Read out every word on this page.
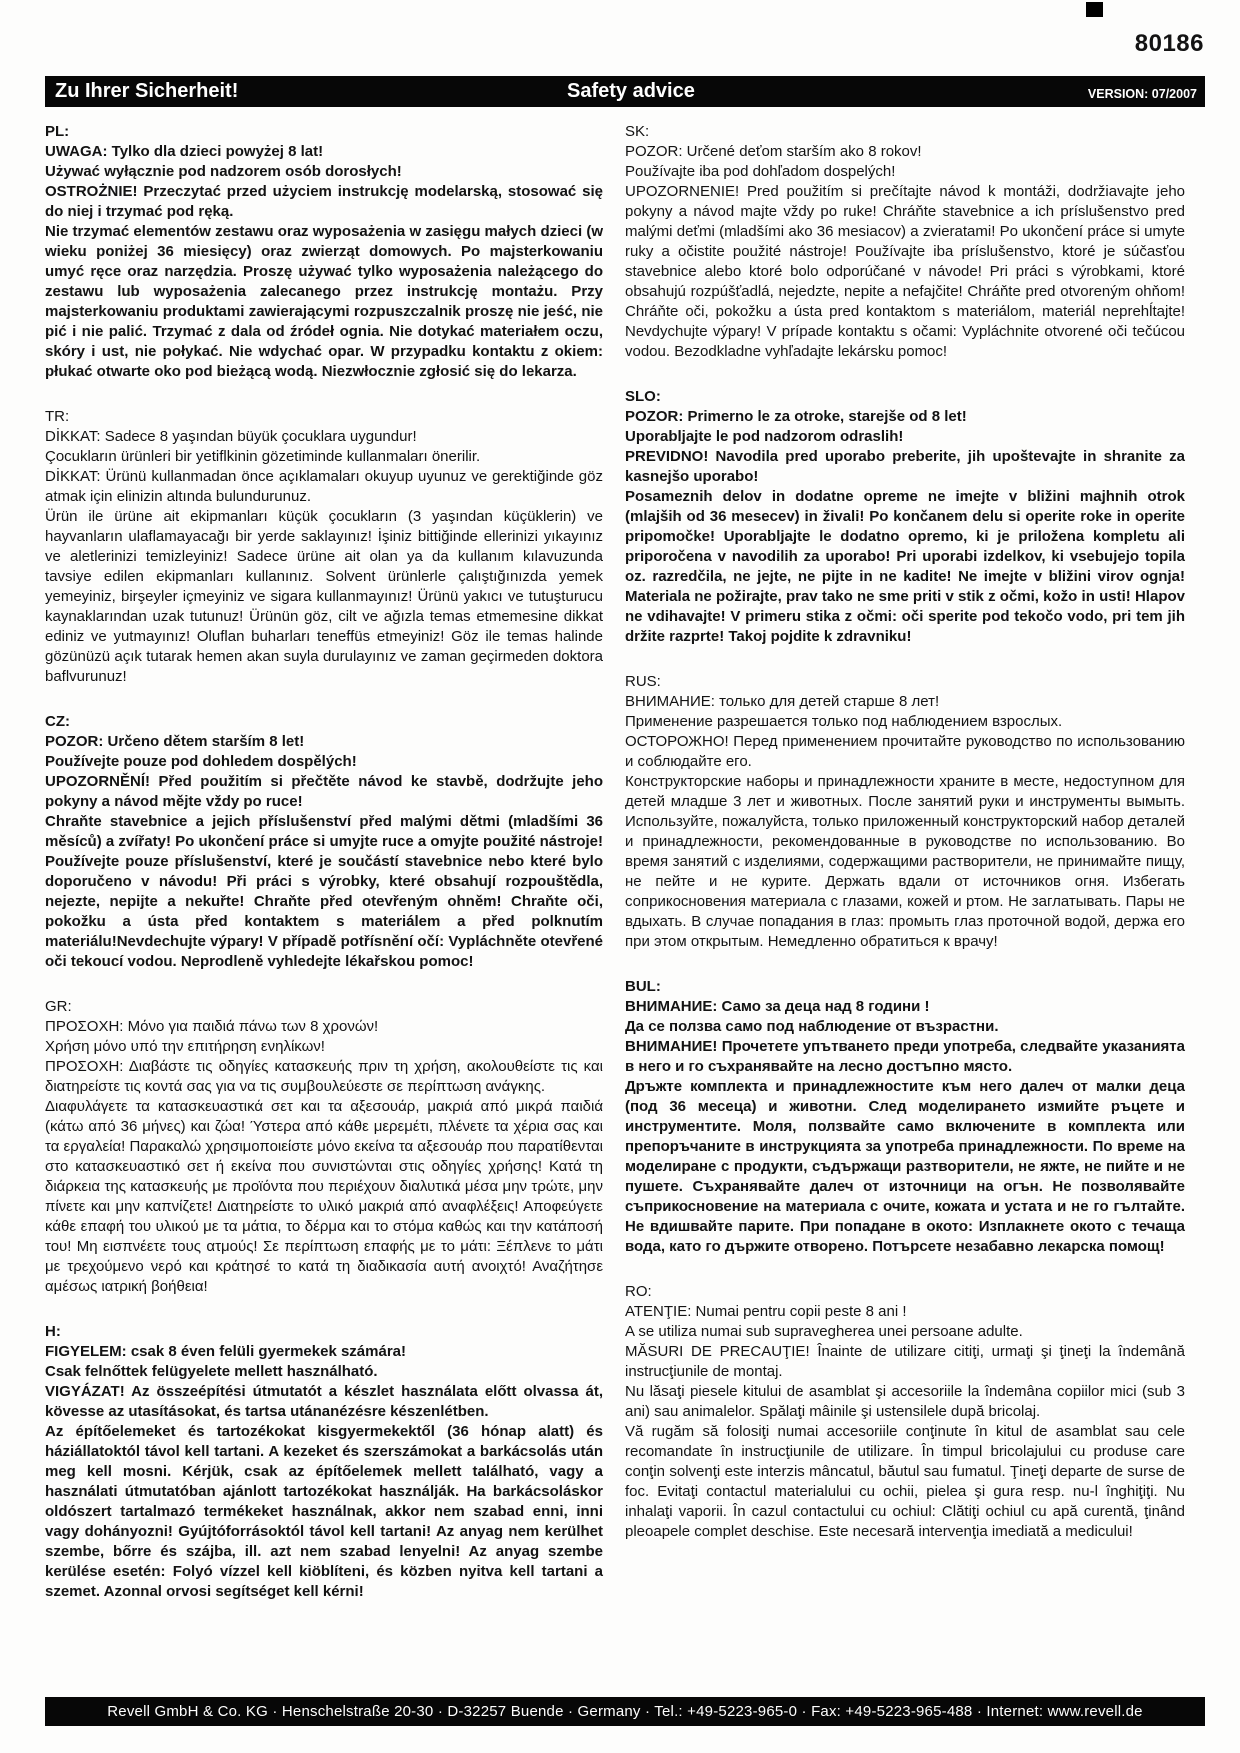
80186
Zu Ihrer Sicherheit!	Safety advice	VERSION: 07/2007

PL:

UWAGA: Tylko dla dzieci powyżej 8 lat!

Używać wyłącznie pod nadzorem osób dorosłych!

OSTROŻNIE! Przeczytać przed użyciem instrukcję modelarską, stosować się do niej i trzymać pod ręką.

Nie trzymać elementów zestawu oraz wyposażenia w zasięgu małych dzieci (w wieku poniżej 36 miesięcy) oraz zwierząt domowych. Po majsterkowaniu umyć ręce oraz narzędzia. Proszę używać tylko wyposażenia należącego do zestawu lub wyposażenia zalecanego przez instrukcję montażu. Przy majsterkowaniu produktami zawierającymi rozpuszczalnik proszę nie jeść, nie pić i nie palić. Trzymać z dala od źródeł ognia. Nie dotykać materiałem oczu, skóry i ust, nie połykać. Nie wdychać opar. W przypadku kontaktu z okiem: płukać otwarte oko pod bieżącą wodą. Niezwłocznie zgłosić się do lekarza.

TR:

DİKKAT: Sadece 8 yaşından büyük çocuklara uygundur!

Çocukların ürünleri bir yetiflkinin gözetiminde kullanmaları önerilir.

DİKKAT: Ürünü kullanmadan önce açıklamaları okuyup uyunuz ve gerektiğinde göz atmak için elinizin altında bulundurunuz.

Ürün ile ürüne ait ekipmanları küçük çocukların (3 yaşından küçüklerin) ve hayvanların ulaflamayacağı bir yerde saklayınız! İşiniz bittiğinde ellerinizi yıkayınız ve aletlerinizi temizleyiniz! Sadece ürüne ait olan ya da kullanım kılavuzunda tavsiye edilen ekipmanları kullanınız. Solvent ürünlerle çalıştığınızda yemek yemeyiniz, birşeyler içmeyiniz ve sigara kullanmayınız! Ürünü yakıcı ve tutuşturucu kaynaklarından uzak tutunuz! Ürünün göz, cilt ve ağızla temas etmemesine dikkat ediniz ve yutmayınız! Oluflan buharları teneffüs etmeyiniz! Göz ile temas halinde gözünüzü açık tutarak hemen akan suyla durulayınız ve zaman geçirmeden doktora baflvurunuz!

CZ:

POZOR: Určeno dětem starším 8 let!

Používejte pouze pod dohledem dospělých!

UPOZORNĚNÍ! Před použitím si přečtěte návod ke stavbě, dodržujte jeho pokyny a návod mějte vždy po ruce!

Chraňte stavebnice a jejich příslušenství před malými dětmi (mladšími 36 měsíců) a zvířaty! Po ukončení práce si umyjte ruce a omyjte použité nástroje! Používejte pouze příslušenství, které je součástí stavebnice nebo které bylo doporučeno v návodu! Při práci s výrobky, které obsahují rozpouštědla, nejezte, nepijte a nekuřte! Chraňte před otevřeným ohněm! Chraňte oči, pokožku a ústa před kontaktem s materiálem a před polknutím materiálu!Nevdechujte výpary! V případě potřísnění očí: Vypláchněte otevřené oči tekoucí vodou. Neprodleně vyhledejte lékařskou pomoc!

GR:

ΠΡΟΣΟΧΗ: Μόνο για παιδιά πάνω των 8 χρονών!

Χρήση μόνο υπό την επιτήρηση ενηλίκων!

ΠΡΟΣΟΧΗ: Διαβάστε τις οδηγίες κατασκευής πριν τη χρήση, ακολουθείστε τις και διατηρείστε τις κοντά σας για να τις συμβουλεύεστε σε περίπτωση ανάγκης.

Διαφυλάγετε τα κατασκευαστικά σετ και τα αξεσουάρ, μακριά από μικρά παιδιά (κάτω από 36 μήνες) και ζώα! Ύστερα από κάθε μερεμέτι, πλένετε τα χέρια σας και τα εργαλεία! Παρακαλώ χρησιμοποιείστε μόνο εκείνα τα αξεσουάρ που παρατίθενται στο κατασκευαστικό σετ ή εκείνα που συνιστώνται στις οδηγίες χρήσης! Κατά τη διάρκεια της κατασκευής με προϊόντα που περιέχουν διαλυτικά μέσα μην τρώτε, μην πίνετε και μην καπνίζετε! Διατηρείστε το υλικό μακριά από αναφλέξεις! Αποφεύγετε κάθε επαφή του υλικού με τα μάτια, το δέρμα και το στόμα καθώς και την κατάποσή του! Μη εισπνέετε τους ατμούς! Σε περίπτωση επαφής με το μάτι: Ξέπλενε το μάτι με τρεχούμενο νερό και κράτησέ το κατά τη διαδικασία αυτή ανοιχτό! Αναζήτησε αμέσως ιατρική βοήθεια!

H:

FIGYELEM: csak 8 éven felüli gyermekek számára!

Csak felnőttek felügyelete mellett használható.

VIGYÁZAT! Az összeépítési útmutatót a készlet használata előtt olvassa át, kövesse az utasításokat, és tartsa utánanézésre készenlétben.

Az építőelemeket és tartozékokat kisgyermekektől (36 hónap alatt) és háziállatoktól távol kell tartani. A kezeket és szerszámokat a barkácsolás után meg kell mosni. Kérjük, csak az építőelemek mellett található, vagy a használati útmutatóban ajánlott tartozékokat használják. Ha barkácsoláskor oldószert tartalmazó termékeket használnak, akkor nem szabad enni, inni vagy dohányozni! Gyújtóforrásoktól távol kell tartani! Az anyag nem kerülhet szembe, bőrre és szájba, ill. azt nem szabad lenyelni! Az anyag szembe kerülése esetén: Folyó vízzel kell kiöblíteni, és közben nyitva kell tartani a szemet. Azonnal orvosi segítséget kell kérni!

SK:

POZOR: Určené deťom starším ako 8 rokov!

Používajte iba pod dohľadom dospelých!

UPOZORNENIE! Pred použitím si prečítajte návod k montáži, dodržiavajte jeho pokyny a návod majte vždy po ruke! Chráňte stavebnice a ich príslušenstvo pred malými deťmi (mladšími ako 36 mesiacov) a zvieratami! Po ukončení práce si umyte ruky a očistite použité nástroje! Používajte iba príslušenstvo, ktoré je súčasťou stavebnice alebo ktoré bolo odporúčané v návode! Pri práci s výrobkami, ktoré obsahujú rozpúšťadlá, nejedzte, nepite a nefajčite! Chráňte pred otvoreným ohňom! Chráňte oči, pokožku a ústa pred kontaktom s materiálom, materiál neprehĺtajte! Nevdychujte výpary! V prípade kontaktu s očami: Vypláchnite otvorené oči tečúcou vodou. Bezodkladne vyhľadajte lekársku pomoc!

SLO:

POZOR: Primerno le za otroke, starejše od 8 let!

Uporabljajte le pod nadzorom odraslih!

PREVIDNO! Navodila pred uporabo preberite, jih upoštevajte in shranite za kasnejšo uporabo!

Posameznih delov in dodatne opreme ne imejte v bližini majhnih otrok (mlajših od 36 mesecev) in živali! Po končanem delu si operite roke in operite pripomočke! Uporabljajte le dodatno opremo, ki je priložena kompletu ali priporočena v navodilih za uporabo! Pri uporabi izdelkov, ki vsebujejo topila oz. razredčila, ne jejte, ne pijte in ne kadite! Ne imejte v bližini virov ognja! Materiala ne požirajte, prav tako ne sme priti v stik z očmi, kožo in usti! Hlapov ne vdihavajte! V primeru stika z očmi: oči sperite pod tekočo vodo, pri tem jih držite razprte! Takoj pojdite k zdravniku!

RUS:

ВНИМАНИЕ: только для детей старше 8 лет!

Применение разрешается только под наблюдением взрослых.

ОСТОРОЖНО! Перед применением прочитайте руководство по использованию и соблюдайте его.

Конструкторские наборы и принадлежности храните в месте, недоступном для детей младше 3 лет и животных. После занятий руки и инструменты вымыть. Используйте, пожалуйста, только приложенный конструкторский набор деталей и принадлежности, рекомендованные в руководстве по использованию. Во время занятий с изделиями, содержащими растворители, не принимайте пищу, не пейте и не курите. Держать вдали от источников огня. Избегать соприкосновения материала с глазами, кожей и ртом. Не заглатывать. Пары не вдыхать. В случае попадания в глаз: промыть глаз проточной водой, держа его при этом открытым. Немедленно обратиться к врачу!

BUL:

ВНИМАНИЕ: Само за деца над 8 години !

Да се ползва само под наблюдение от възрастни.

ВНИМАНИЕ! Прочетете упътването преди употреба, следвайте указанията в него и го съхранявайте на лесно достъпно място.

Дръжте комплекта и принадлежностите към него далеч от малки деца (под 36 месеца) и животни. След моделирането измийте ръцете и инструментите. Моля, ползвайте само включените в комплекта или препоръчаните в инструкцията за употреба принадлежности. По време на моделиране с продукти, съдържащи разтворители, не яжте, не пийте и не пушете. Съхранявайте далеч от източници на огън. Не позволявайте съприкосновение на материала с очите, кожата и устата и не го гълтайте. Не вдишвайте парите. При попадане в окото: Изплакнете окото с течаща вода, като го държите отворено. Потърсете незабавно лекарска помощ!

RO:

ATENŢIE: Numai pentru copii peste 8 ani !

A se utiliza numai sub supravegherea unei persoane adulte.

MĂSURI DE PRECAUŢIE! Înainte de utilizare citiţi, urmaţi şi ţineţi la îndemână instrucţiunile de montaj.

Nu lăsaţi piesele kitului de asamblat şi accesoriile la îndemâna copiilor mici (sub 3 ani) sau animalelor. Spălaţi mâinile şi ustensilele după bricolaj.

Vă rugăm să folosiţi numai accesoriile conţinute în kitul de asamblat sau cele recomandate în instrucţiunile de utilizare. În timpul bricolajului cu produse care conţin solvenţi este interzis mâncatul, băutul sau fumatul. Ţineţi departe de surse de foc. Evitaţi contactul materialului cu ochii, pielea şi gura resp. nu-l înghiţiţi. Nu inhalaţi vaporii. În cazul contactului cu ochiul: Clătiţi ochiul cu apă curentă, ţinând pleoapele complet deschise. Este necesară intervenţia imediată a medicului!

Revell GmbH & Co. KG · Henschelstraße 20-30 · D-32257 Buende · Germany · Tel.: +49-5223-965-0 · Fax: +49-5223-965-488 · Internet: www.revell.de
